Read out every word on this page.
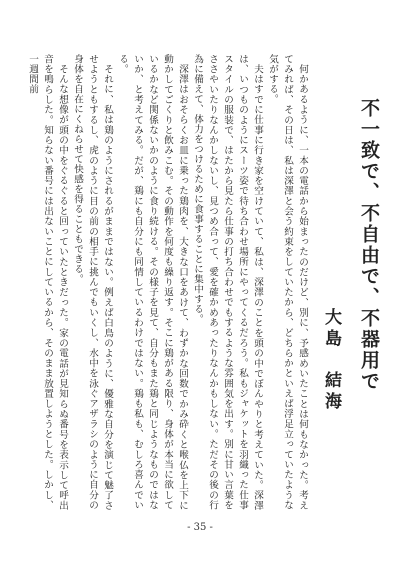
不一致で、不自由で、不器用で
大島　結海

何かあるように、一本の電話から始まったのだけど、別に、予感めいたことは何もなかった。考えてみれば、その日は、私は深澤と会う約束をしていたから、どちらかといえば浮足立っていたような気がする。

夫はすでに仕事に行き家を空けていて、私は、深澤のことを頭の中でぼんやりと考えていた。深澤は、いつものようにスーツ姿で待ち合わせ場所にやってくるだろう。私もジャケットを羽織った仕事スタイルの服装で、はたから見たら仕事の打ち合わせでもするような雰囲気を出す。別に甘い言葉をささやいたりなんかしないし、見つめ合って、愛を確かめあったりなんかもしない。ただその後の行為に備えて、体力をつけるために食事することに集中する。

深澤はおそらくお皿に乗った鶏肉を、大きな口をあけて、わずかな回数でかみ砕くと喉仏を上下に動かしてごくりと飲みこむ。その動作を何度も繰り返す。そこに鶏がある限り、身体が本当に欲しているかなど関係ないかのように食り続ける。その様子を見て、自分もまた鶏と同じようなものではないか、と考えてみる。だが、鶏にも自分にも同情しているわけではない。鶏も私も、むしろ喜んでいる。

それに、私は鶏のようにされるがままではない。例えば白鳥のように、優雅な自分を演じて魅了させようともするし、虎のように目の前の相手に挑んでもいくし、水中を泳ぐアザラシのように自分の身体を自在にくねらせて快感を得ることもできる。

そんな想像が頭の中をぐるぐると回っていたときだった。家の電話が見知らぬ番号を表示して呼出音を鳴らした。知らない番号には出ないことにしているから、そのまま放置しようとした。しかし、一週間前

- 35 -
